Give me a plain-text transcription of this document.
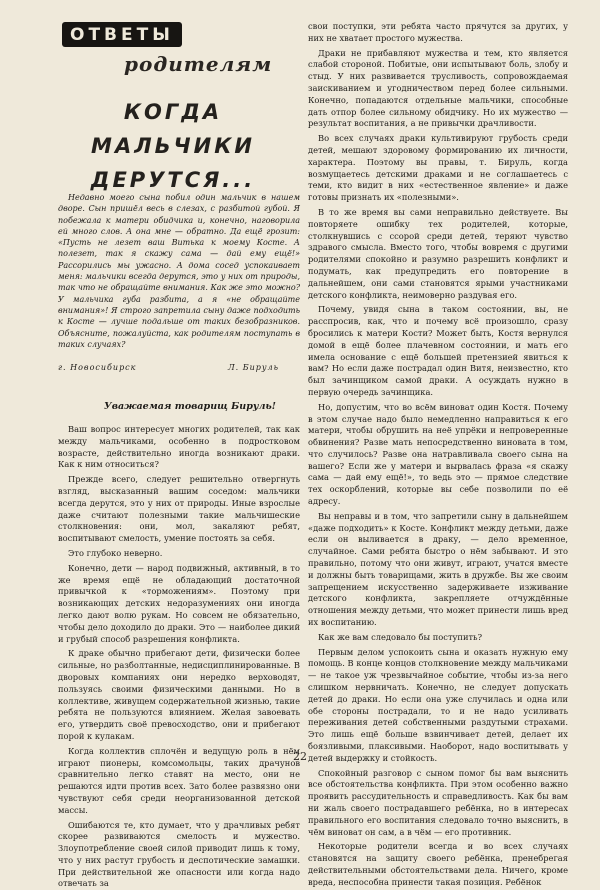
ОТВЕТЫ
родителям
КОГДА МАЛЬЧИКИ
ДЕРУТСЯ...

Недавно моего сына побил один мальчик в нашем дворе. Сын пришёл весь в слезах, с разбитой губой. Я побежала к матери обидчика и, конечно, наговорила ей много слов. А она мне — обратно. Да ещё грозит: «Пусть не лезет ваш Витька к моему Косте. А полезет, так я скажу сама — дай ему ещё!» Рассорились мы ужасно. А дома сосед успокаивает меня: мальчики всегда дерутся, это у них от природы, так что не обращайте внимания. Как же это можно? У мальчика губа разбита, а я «не обращайте внимания»! Я строго запретила сыну даже подходить к Косте — лучше подальше от таких безобразников. Объясните, пожалуйста, как родителям поступать в таких случаях?

г. Новосибирск	Л. Бируль
Уважаемая товарищ Бируль!

Ваш вопрос интересует многих родителей, так как между мальчиками, особенно в подростковом возрасте, действительно иногда возникают драки. Как к ним относиться?

Прежде всего, следует решительно отвергнуть взгляд, высказанный вашим соседом: мальчики всегда дерутся, это у них от природы. Иные взрослые даже считают полезными такие мальчишеские столкновения: они, мол, закаляют ребят, воспитывают смелость, умение постоять за себя.

Это глубоко неверно.

Конечно, дети — народ подвижный, активный, в то же время ещё не обладающий достаточной привычкой к «торможениям». Поэтому при возникающих детских недоразумениях они иногда легко дают волю рукам. Но совсем не обязательно, чтобы дело доходило до драки. Это — наиболее дикий и грубый способ разрешения конфликта.

К драке обычно прибегают дети, физически более сильные, но разболтанные, недисциплинированные. В дворовых компаниях они нередко верховодят, пользуясь своими физическими данными. Но в коллективе, живущем содержательной жизнью, такие ребята не пользуются влиянием. Желая завоевать его, утвердить своё превосходство, они и прибегают порой к кулакам.

Когда коллектив сплочён и ведущую роль в нём играют пионеры, комсомольцы, таких драчунов сравнительно легко ставят на место, они не решаются идти против всех. Зато более развязно они чувствуют себя среди неорганизованной детской массы.

Ошибаются те, кто думает, что у драчливых ребят скорее развиваются смелость и мужество. Злоупотребление своей силой приводит лишь к тому, что у них растут грубость и деспотические замашки. При действительной же опасности или когда надо отвечать за

свои поступки, эти ребята часто прячутся за других, у них не хватает простого мужества.

Драки не прибавляют мужества и тем, кто является слабой стороной. Побитые, они испытывают боль, злобу и стыд. У них развивается трусливость, сопровождаемая заискиванием и угодничеством перед более сильными. Конечно, попадаются отдельные мальчики, способные дать отпор более сильному обидчику. Но их мужество — результат воспитания, а не привычки драчливости.

Во всех случаях драки культивируют грубость среди детей, мешают здоровому формированию их личности, характера. Поэтому вы правы, т. Бируль, когда возмущаетесь детскими драками и не соглашаетесь с теми, кто видит в них «естественное явление» и даже готовы признать их «полезными».

В то же время вы сами неправильно действуете. Вы повторяете ошибку тех родителей, которые, столкнувшись с ссорой среди детей, теряют чувство здравого смысла. Вместо того, чтобы вовремя с другими родителями спокойно и разумно разрешить конфликт и подумать, как предупредить его повторение в дальнейшем, они сами становятся ярыми участниками детского конфликта, неимоверно раздувая его.

Почему, увидя сына в таком состоянии, вы, не расспросив, как, что и почему всё произошло, сразу бросились к матери Кости? Может быть, Костя вернулся домой в ещё более плачевном состоянии, и мать его имела основание с ещё большей претензией явиться к вам? Но если даже пострадал один Витя, неизвестно, кто был зачинщиком самой драки. А осуждать нужно в первую очередь зачинщика.

Но, допустим, что во всём виноват один Костя. Почему в этом случае надо было немедленно направиться к его матери, чтобы обрушить на неё упрёки и непроверенные обвинения? Разве мать непосредственно виновата в том, что случилось? Разве она натравливала своего сына на вашего? Если же у матери и вырвалась фраза «я скажу сама — дай ему ещё!», то ведь это — прямое следствие тех оскорблений, которые вы себе позволили по её адресу.

Вы неправы и в том, что запретили сыну в дальнейшем «даже подходить» к Косте. Конфликт между детьми, даже если он выливается в драку, — дело временное, случайное. Сами ребята быстро о нём забывают. И это правильно, потому что они живут, играют, учатся вместе и должны быть товарищами, жить в дружбе. Вы же своим запрещением искусственно задерживаете изживание детского конфликта, закрепляете отчуждённые отношения между детьми, что может принести лишь вред их воспитанию.

Как же вам следовало бы поступить?

Первым делом успокоить сына и оказать нужную ему помощь. В конце концов столкновение между мальчиками — не такое уж чрезвычайное событие, чтобы из-за него слишком нервничать. Конечно, не следует допускать детей до драки. Но если она уже случилась и одна или обе стороны пострадали, то и не надо усиливать переживания детей собственными раздутыми страхами. Это лишь ещё больше взвинчивает детей, делает их боязливыми, плаксивыми. Наоборот, надо воспитывать у детей выдержку и стойкость.

Спокойный разговор с сыном помог бы вам выяснить все обстоятельства конфликта. При этом особенно важно проявить рассудительность и справедливость. Как бы вам ни жаль своего пострадавшего ребёнка, но в интересах правильного его воспитания следовало точно выяснить, в чём виноват он сам, а в чём — его противник.

Некоторые родители всегда и во всех случаях становятся на защиту своего ребёнка, пренебрегая действительными обстоятельствами дела. Ничего, кроме вреда, неспособна принести такая позиция. Ребёнок

22
